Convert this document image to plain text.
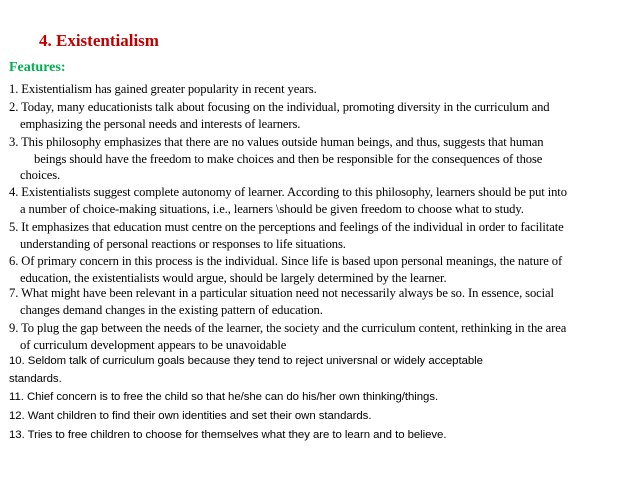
4. Existentialism
Features:
1. Existentialism has gained greater popularity in recent years.
2. Today, many educationists talk about focusing on the individual, promoting diversity in the curriculum and
emphasizing the personal needs and interests of learners.
3. This philosophy emphasizes that there are no values outside human beings, and thus, suggests that human
beings should have the freedom to make choices and then be responsible for the consequences of those
choices.
4. Existentialists suggest complete autonomy of learner. According to this philosophy, learners should be put into
a number of choice-making situations, i.e., learners \should be given freedom to choose what to study.
5. It emphasizes that education must centre on the perceptions and feelings of the individual in order to facilitate
understanding of personal reactions or responses to life situations.
6. Of primary concern in this process is the individual. Since life is based upon personal meanings, the nature of
education, the existentialists would argue, should be largely determined by the learner.
7. What might have been relevant in a particular situation need not necessarily always be so. In essence, social
changes demand changes in the existing pattern of education.
9. To plug the gap between the needs of the learner, the society and the curriculum content, rethinking in the area
of curriculum development appears to be unavoidable
10. Seldom talk of curriculum goals because they tend to reject universnal or widely acceptable
standards.
11. Chief concern is to free the child so that he/she can do his/her own thinking/things.
12. Want children to find their own identities and set their own standards.
13. Tries to free children to choose for themselves what they are to learn and to believe.
